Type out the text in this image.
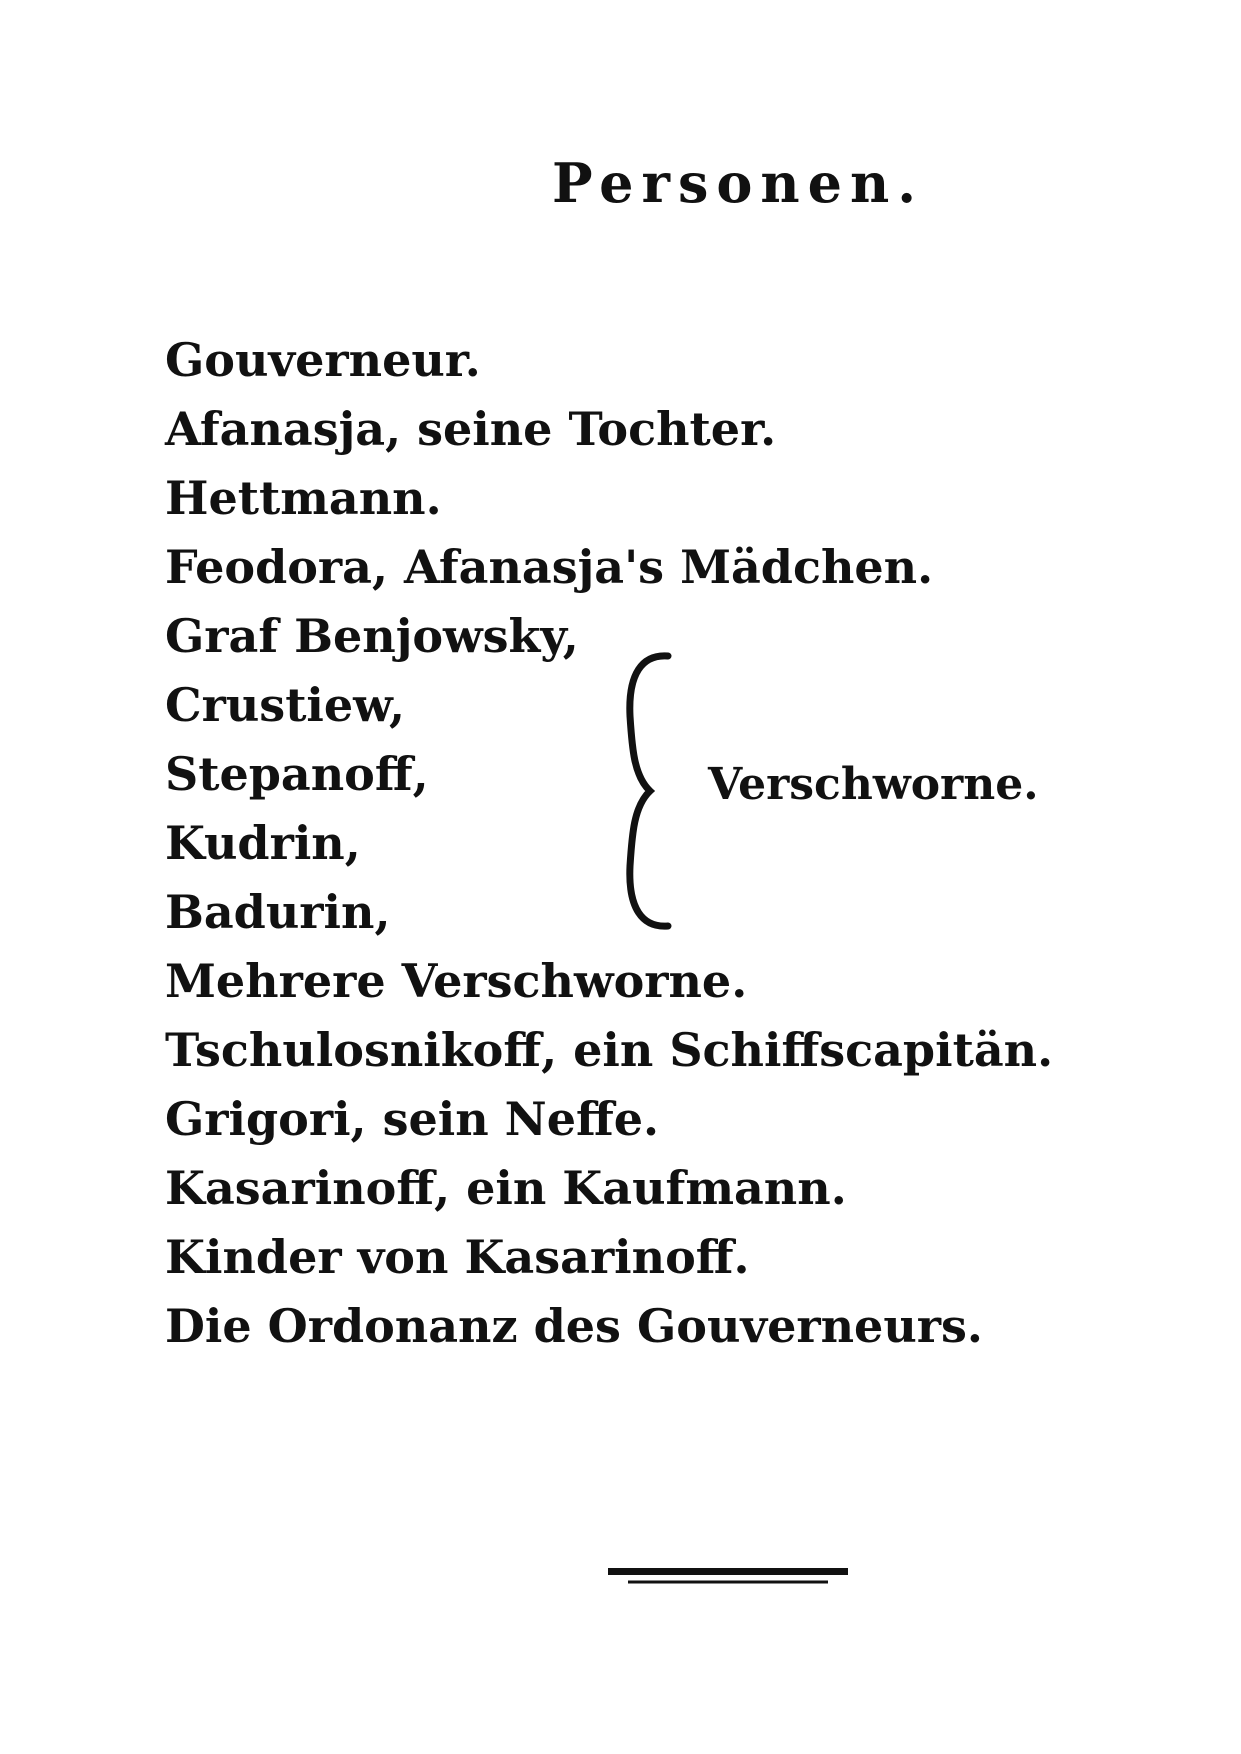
Personen.
Gouverneur.
Afanasja, seine Tochter.
Hettmann.
Feodora, Afanasja's Mädchen.
Graf Benjowsky,
Crustiew,
Stepanoff,
Kudrin,
Badurin,
Mehrere Verschworne.
Tschulosnikoff, ein Schiffscapitän.
Grigori, sein Neffe.
Kasarinoff, ein Kaufmann.
Kinder von Kasarinoff.
Die Ordonanz des Gouverneurs.
Verschworne.
